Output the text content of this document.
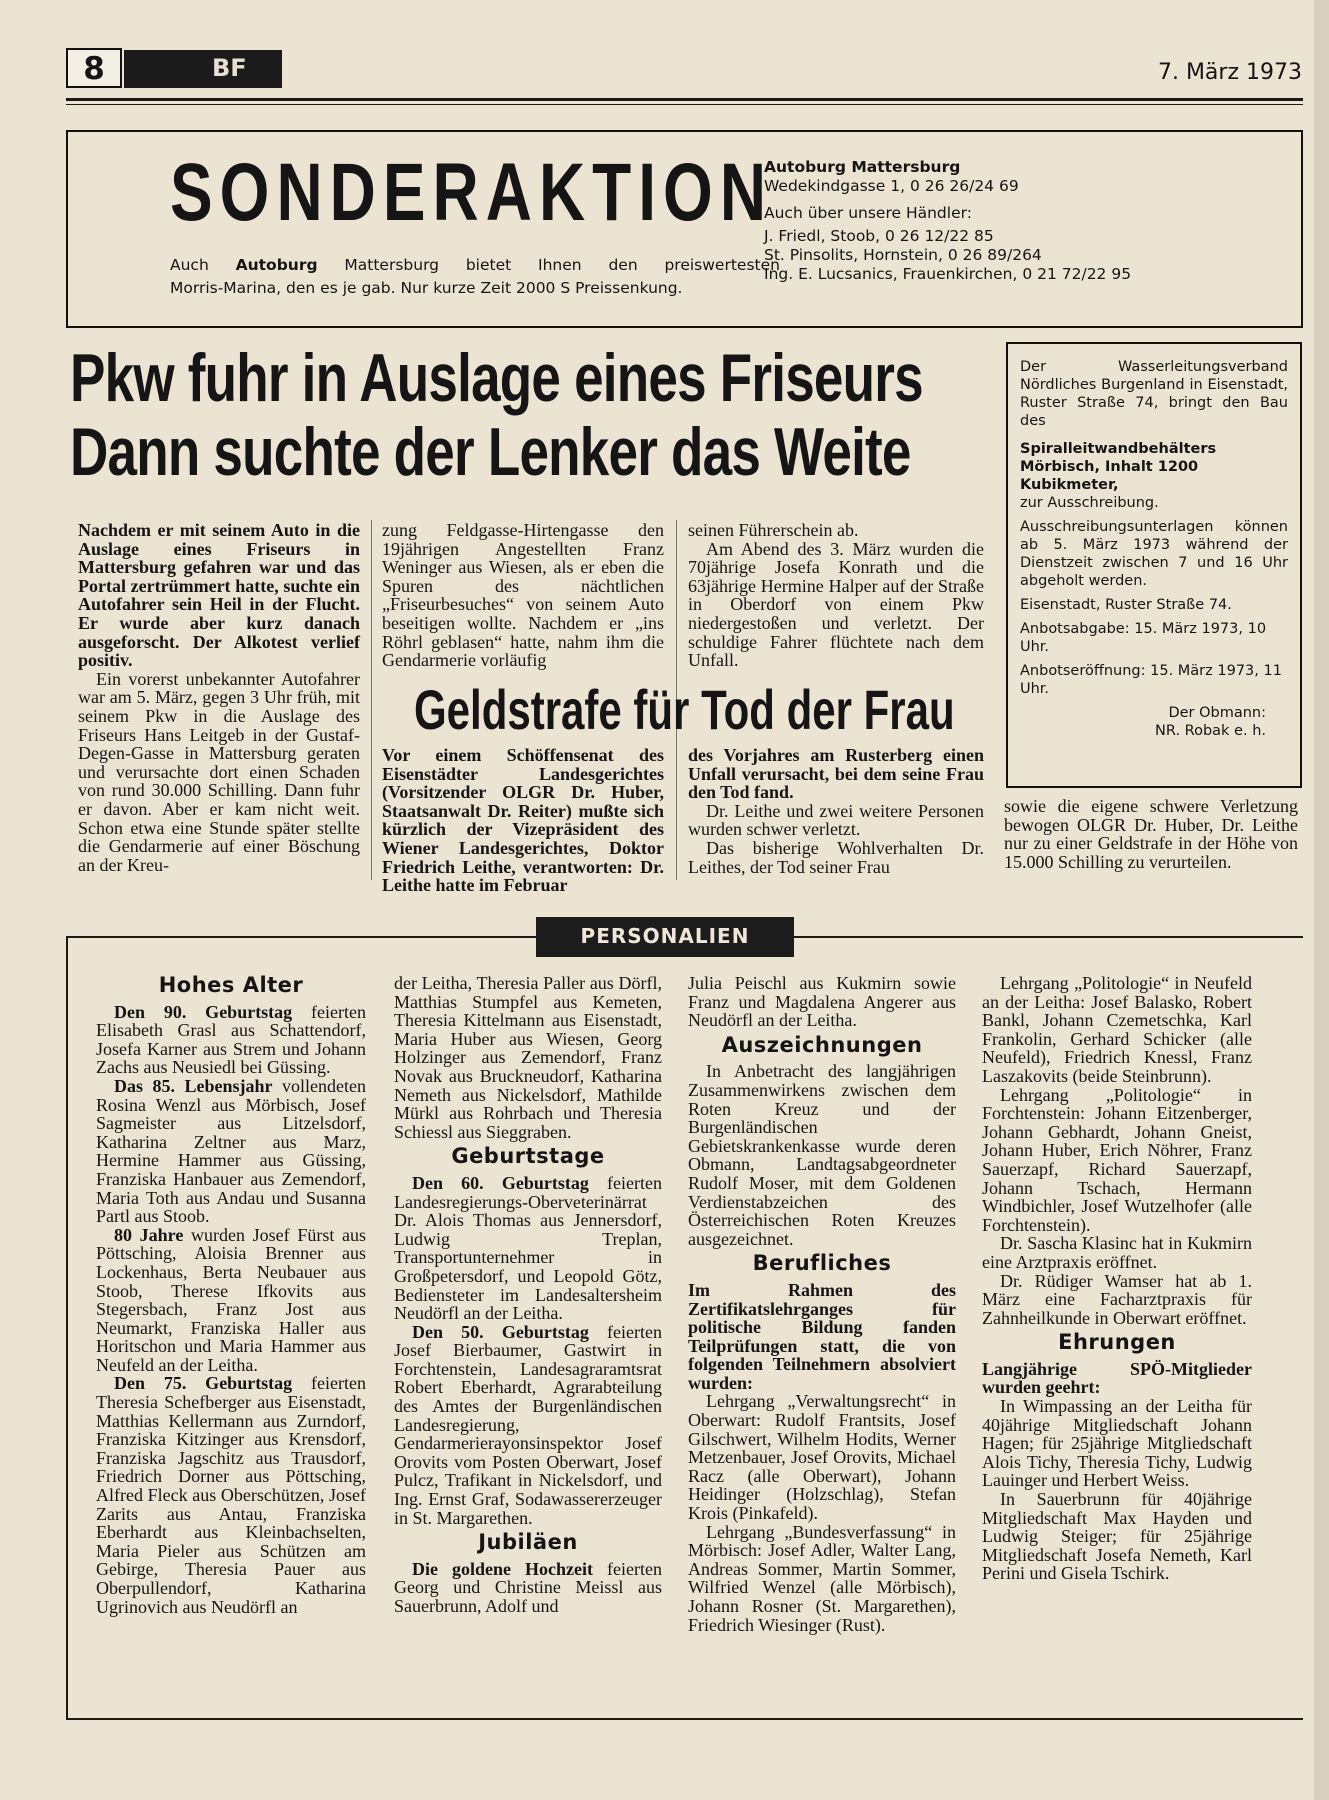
8	BF	7. März 1973
SONDERAKTION
Auch Autoburg Mattersburg bietet Ihnen den preiswertesten
Morris-Marina, den es je gab. Nur kurze Zeit 2000 S Preissenkung.
Autoburg Mattersburg
Wedekindgasse 1, 0 26 26/24 69
Auch über unsere Händler:
J. Friedl, Stoob, 0 26 12/22 85
St. Pinsolits, Hornstein, 0 26 89/264
Ing. E. Lucsanics, Frauenkirchen, 0 21 72/22 95
Pkw fuhr in Auslage eines Friseurs
Dann suchte der Lenker das Weite

Nachdem er mit seinem Auto in die Auslage eines Friseurs in Mattersburg gefahren war und das Portal zertrümmert hatte, suchte ein Autofahrer sein Heil in der Flucht. Er wurde aber kurz danach ausgeforscht. Der Alkotest verlief positiv.

Ein vorerst unbekannter Autofahrer war am 5. März, gegen 3 Uhr früh, mit seinem Pkw in die Auslage des Friseurs Hans Leitgeb in der Gustaf-Degen-Gasse in Mattersburg geraten und verursachte dort einen Schaden von rund 30.000 Schilling. Dann fuhr er davon. Aber er kam nicht weit. Schon etwa eine Stunde später stellte die Gendarmerie auf einer Böschung an der Kreu-

zung Feldgasse-Hirtengasse den 19jährigen Angestellten Franz Weninger aus Wiesen, als er eben die Spuren des nächtlichen „Friseurbesuches“ von seinem Auto beseitigen wollte. Nachdem er „ins Röhrl geblasen“ hatte, nahm ihm die Gendarmerie vorläufig

seinen Führerschein ab.

Am Abend des 3. März wurden die 70jährige Josefa Konrath und die 63jährige Hermine Halper auf der Straße in Oberdorf von einem Pkw niedergestoßen und verletzt. Der schuldige Fahrer flüchtete nach dem Unfall.

Geldstrafe für Tod der Frau

Vor einem Schöffensenat des Eisenstädter Landesgerichtes (Vorsitzender OLGR Dr. Huber, Staatsanwalt Dr. Reiter) mußte sich kürzlich der Vizepräsident des Wiener Landesgerichtes, Doktor Friedrich Leithe, verantworten: Dr. Leithe hatte im Februar

des Vorjahres am Rusterberg einen Unfall verursacht, bei dem seine Frau den Tod fand.

Dr. Leithe und zwei weitere Personen wurden schwer verletzt.

Das bisherige Wohlverhalten Dr. Leithes, der Tod seiner Frau

sowie die eigene schwere Verletzung bewogen OLGR Dr. Huber, Dr. Leithe nur zu einer Geldstrafe in der Höhe von 15.000 Schilling zu verurteilen.

Der Wasserleitungsverband Nördliches Burgenland in Eisenstadt, Ruster Straße 74, bringt den Bau des

Spiralleitwandbehälters Mörbisch, Inhalt 1200 Kubikmeter,

zur Ausschreibung.

Ausschreibungsunterlagen können ab 5. März 1973 während der Dienstzeit zwischen 7 und 16 Uhr abgeholt werden.

Eisenstadt, Ruster Straße 74.

Anbotsabgabe: 15. März 1973, 10 Uhr.

Anbotseröffnung: 15. März 1973, 11 Uhr.

Der Obmann:

NR. Robak e. h.

PERSONALIEN
Hohes Alter

Den 90. Geburtstag feierten Elisabeth Grasl aus Schattendorf, Josefa Karner aus Strem und Johann Zachs aus Neusiedl bei Güssing.

Das 85. Lebensjahr vollendeten Rosina Wenzl aus Mörbisch, Josef Sagmeister aus Litzelsdorf, Katharina Zeltner aus Marz, Hermine Hammer aus Güssing, Franziska Hanbauer aus Zemendorf, Maria Toth aus Andau und Susanna Partl aus Stoob.

80 Jahre wurden Josef Fürst aus Pöttsching, Aloisia Brenner aus Lockenhaus, Berta Neubauer aus Stoob, Therese Ifkovits aus Stegersbach, Franz Jost aus Neumarkt, Franziska Haller aus Horitschon und Maria Hammer aus Neufeld an der Leitha.

Den 75. Geburtstag feierten Theresia Schefberger aus Eisenstadt, Matthias Kellermann aus Zurndorf, Franziska Kitzinger aus Krensdorf, Franziska Jagschitz aus Trausdorf, Friedrich Dorner aus Pöttsching, Alfred Fleck aus Oberschützen, Josef Zarits aus Antau, Franziska Eberhardt aus Kleinbachselten, Maria Pieler aus Schützen am Gebirge, Theresia Pauer aus Oberpullendorf, Katharina Ugrinovich aus Neudörfl an

der Leitha, Theresia Paller aus Dörfl, Matthias Stumpfel aus Kemeten, Theresia Kittelmann aus Eisenstadt, Maria Huber aus Wiesen, Georg Holzinger aus Zemendorf, Franz Novak aus Bruckneudorf, Katharina Nemeth aus Nickelsdorf, Mathilde Mürkl aus Rohrbach und Theresia Schiessl aus Sieggraben.

Geburtstage

Den 60. Geburtstag feierten Landesregierungs-Oberveterinärrat Dr. Alois Thomas aus Jennersdorf, Ludwig Treplan, Transportunternehmer in Großpetersdorf, und Leopold Götz, Bediensteter im Landesaltersheim Neudörfl an der Leitha.

Den 50. Geburtstag feierten Josef Bierbaumer, Gastwirt in Forchtenstein, Landesagraramtsrat Robert Eberhardt, Agrarabteilung des Amtes der Burgenländischen Landesregierung, Gendarmerierayonsinspektor Josef Orovits vom Posten Oberwart, Josef Pulcz, Trafikant in Nickelsdorf, und Ing. Ernst Graf, Sodawassererzeuger in St. Margarethen.

Jubiläen

Die goldene Hochzeit feierten Georg und Christine Meissl aus Sauerbrunn, Adolf und

Julia Peischl aus Kukmirn sowie Franz und Magdalena Angerer aus Neudörfl an der Leitha.

Auszeichnungen

In Anbetracht des langjährigen Zusammenwirkens zwischen dem Roten Kreuz und der Burgenländischen Gebietskrankenkasse wurde deren Obmann, Landtagsabgeordneter Rudolf Moser, mit dem Goldenen Verdienstabzeichen des Österreichischen Roten Kreuzes ausgezeichnet.

Berufliches

Im Rahmen des Zertifikatslehrganges für politische Bildung fanden Teilprüfungen statt, die von folgenden Teilnehmern absolviert wurden:

Lehrgang „Verwaltungsrecht“ in Oberwart: Rudolf Frantsits, Josef Gilschwert, Wilhelm Hodits, Werner Metzenbauer, Josef Orovits, Michael Racz (alle Oberwart), Johann Heidinger (Holzschlag), Stefan Krois (Pinkafeld).

Lehrgang „Bundesverfassung“ in Mörbisch: Josef Adler, Walter Lang, Andreas Sommer, Martin Sommer, Wilfried Wenzel (alle Mörbisch), Johann Rosner (St. Margarethen), Friedrich Wiesinger (Rust).

Lehrgang „Politologie“ in Neufeld an der Leitha: Josef Balasko, Robert Bankl, Johann Czemetschka, Karl Frankolin, Gerhard Schicker (alle Neufeld), Friedrich Knessl, Franz Laszakovits (beide Steinbrunn).

Lehrgang „Politologie“ in Forchtenstein: Johann Eitzenberger, Johann Gebhardt, Johann Gneist, Johann Huber, Erich Nöhrer, Franz Sauerzapf, Richard Sauerzapf, Johann Tschach, Hermann Windbichler, Josef Wutzelhofer (alle Forchtenstein).

Dr. Sascha Klasinc hat in Kukmirn eine Arztpraxis eröffnet.

Dr. Rüdiger Wamser hat ab 1. März eine Facharztpraxis für Zahnheilkunde in Oberwart eröffnet.

Ehrungen

Langjährige SPÖ-Mitglieder wurden geehrt:

In Wimpassing an der Leitha für 40jährige Mitgliedschaft Johann Hagen; für 25jährige Mitgliedschaft Alois Tichy, Theresia Tichy, Ludwig Lauinger und Herbert Weiss.

In Sauerbrunn für 40jährige Mitgliedschaft Max Hayden und Ludwig Steiger; für 25jährige Mitgliedschaft Josefa Nemeth, Karl Perini und Gisela Tschirk.
